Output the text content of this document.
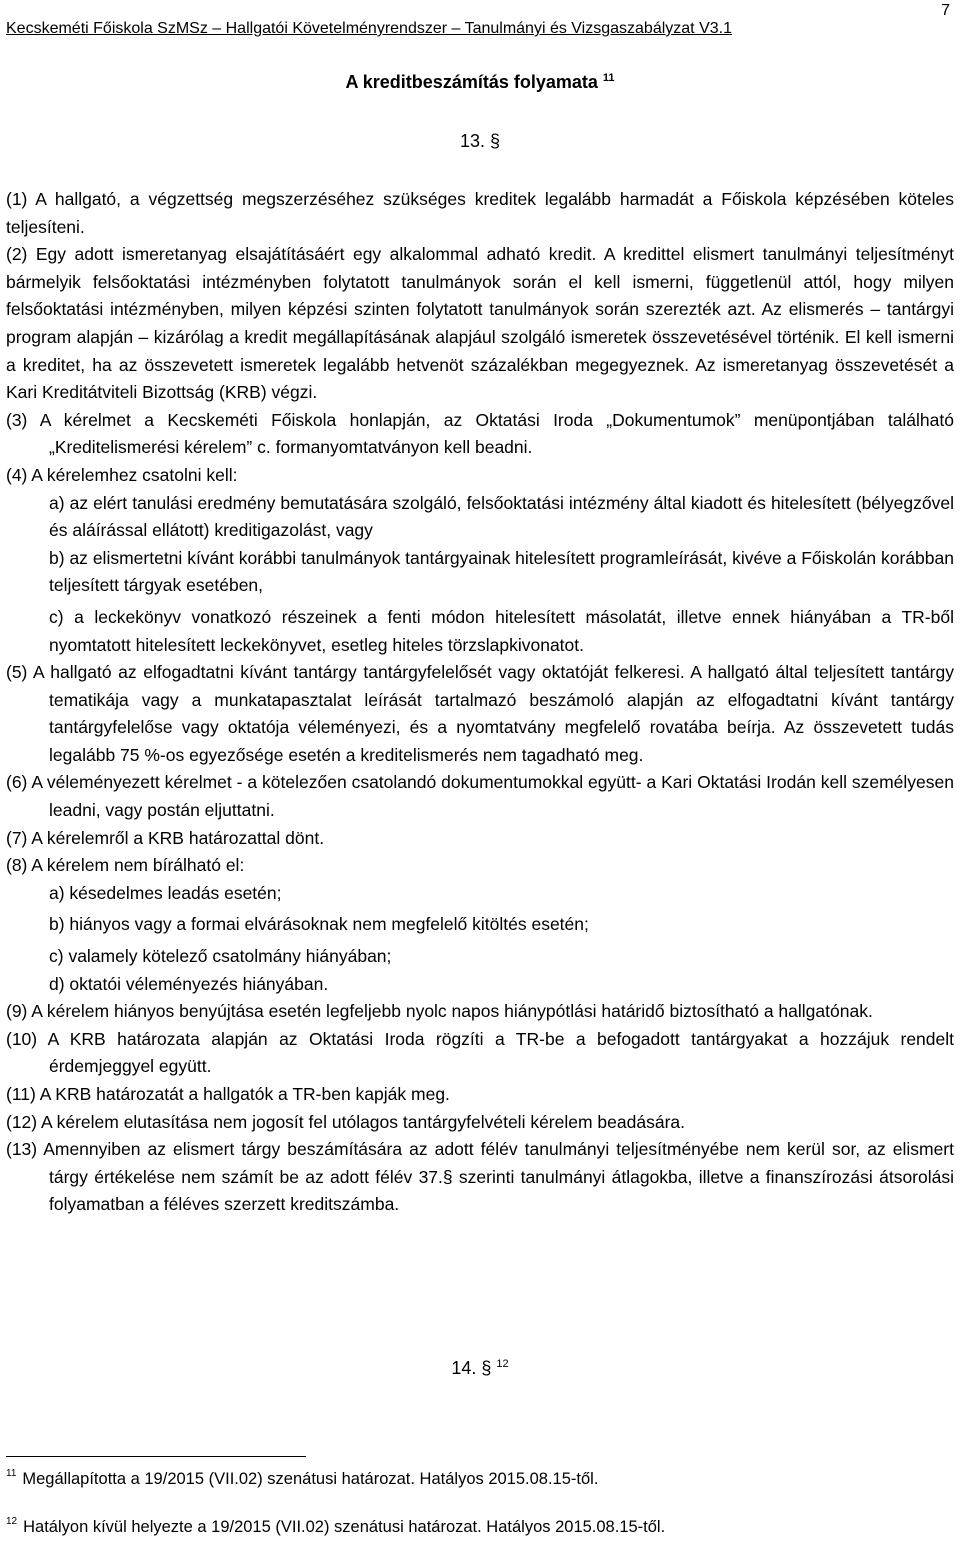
Kecskeméti Főiskola SzMSz – Hallgatói Követelményrendszer – Tanulmányi és Vizsgaszabályzat V3.1
7
A kreditbeszámítás folyamata $^{11}$
13. §

(1) A hallgató, a végzettség megszerzéséhez szükséges kreditek legalább harmadát a Főiskola képzésében köteles teljesíteni.

(2) Egy adott ismeretanyag elsajátításáért egy alkalommal adható kredit. A kredittel elismert tanulmányi teljesítményt bármelyik felsőoktatási intézményben folytatott tanulmányok során el kell ismerni, függetlenül attól, hogy milyen felsőoktatási intézményben, milyen képzési szinten folytatott tanulmányok során szerezték azt. Az elismerés – tantárgyi program alapján – kizárólag a kredit megállapításának alapjául szolgáló ismeretek összevetésével történik. El kell ismerni a kreditet, ha az összevetett ismeretek legalább hetvenöt százalékban megegyeznek. Az ismeretanyag összevetését a Kari Kreditátviteli Bizottság (KRB) végzi.

(3) A kérelmet a Kecskeméti Főiskola honlapján, az Oktatási Iroda „Dokumentumok” menüpontjában található „Kreditelismerési kérelem” c. formanyomtatványon kell beadni.

(4) A kérelemhez csatolni kell:

a) az elért tanulási eredmény bemutatására szolgáló, felsőoktatási intézmény által kiadott és hitelesített (bélyegzővel és aláírással ellátott) kreditigazolást, vagy

b) az elismertetni kívánt korábbi tanulmányok tantárgyainak hitelesített programleírását, kivéve a Főiskolán korábban teljesített tárgyak esetében,

c) a leckekönyv vonatkozó részeinek a fenti módon hitelesített másolatát, illetve ennek hiányában a TR-ből nyomtatott hitelesített leckekönyvet, esetleg hiteles törzslapkivonatot.

(5) A hallgató az elfogadtatni kívánt tantárgy tantárgyfelelősét vagy oktatóját felkeresi. A hallgató által teljesített tantárgy tematikája vagy a munkatapasztalat leírását tartalmazó beszámoló alapján az elfogadtatni kívánt tantárgy tantárgyfelelőse vagy oktatója véleményezi, és a nyomtatvány megfelelő rovatába beírja. Az összevetett tudás legalább 75 %-os egyezősége esetén a kreditelismerés nem tagadható meg.

(6) A véleményezett kérelmet - a kötelezően csatolandó dokumentumokkal együtt- a Kari Oktatási Irodán kell személyesen leadni, vagy postán eljuttatni.

(7) A kérelemről a KRB határozattal dönt.

(8) A kérelem nem bírálható el:

a) késedelmes leadás esetén;

b) hiányos vagy a formai elvárásoknak nem megfelelő kitöltés esetén;

c) valamely kötelező csatolmány hiányában;

d) oktatói véleményezés hiányában.

(9) A kérelem hiányos benyújtása esetén legfeljebb nyolc napos hiánypótlási határidő biztosítható a hallgatónak.

(10) A KRB határozata alapján az Oktatási Iroda rögzíti a TR-be a befogadott tantárgyakat a hozzájuk rendelt érdemjeggyel együtt.

(11) A KRB határozatát a hallgatók a TR-ben kapják meg.

(12) A kérelem elutasítása nem jogosít fel utólagos tantárgyfelvételi kérelem beadására.

(13) Amennyiben az elismert tárgy beszámítására az adott félév tanulmányi teljesítményébe nem kerül sor, az elismert tárgy értékelése nem számít be az adott félév 37.§ szerinti tanulmányi átlagokba, illetve a finanszírozási átsorolási folyamatban a féléves szerzett kreditszámba.

14. § $^{12}$
$^{11}$ Megállapította a 19/2015 (VII.02) szenátusi határozat. Hatályos 2015.08.15-től.
$^{12}$ Hatályon kívül helyezte a 19/2015 (VII.02) szenátusi határozat. Hatályos 2015.08.15-től.
